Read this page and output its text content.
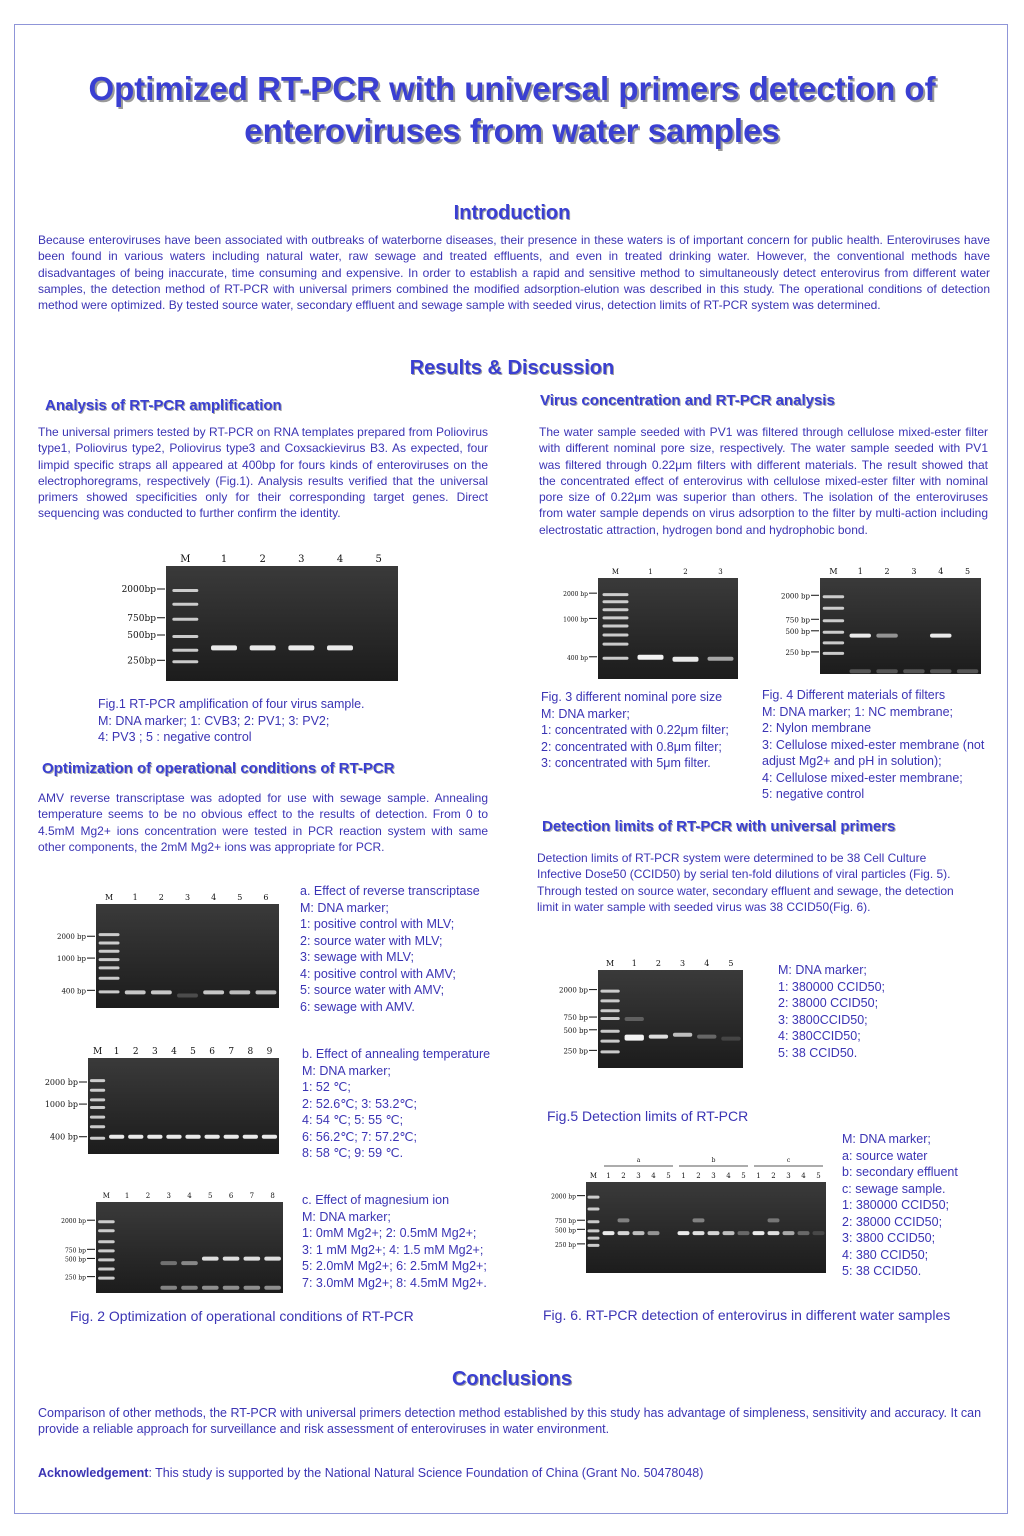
Optimized RT-PCR with universal primers detection of
enteroviruses from water samples
Introduction

Because enteroviruses have been associated with outbreaks of waterborne diseases, their presence in these waters is of important concern for public health. Enteroviruses have been found in various waters including natural water, raw sewage and treated effluents, and even in treated drinking water. However, the conventional methods have disadvantages of being inaccurate, time consuming and expensive. In order to establish a rapid and sensitive method to simultaneously detect enterovirus from different water samples, the detection method of RT-PCR with universal primers combined the modified adsorption-elution was described in this study. The operational conditions of detection method were optimized. By tested source water, secondary effluent and sewage sample with seeded virus, detection limits of RT-PCR system was determined.

Results & Discussion
Analysis of RT-PCR amplification

The universal primers tested by RT-PCR on RNA templates prepared from Poliovirus type1, Poliovirus type2, Poliovirus type3 and Coxsackievirus B3. As expected, four limpid specific straps all appeared at 400bp for fours kinds of enteroviruses on the electrophoregrams, respectively (Fig.1). Analysis results verified that the universal primers showed specificities only for their corresponding target genes. Direct sequencing was conducted to further confirm the identity.

M	1	2	3	4	5
2000bp
750bp
500bp
250bp
Fig.1 RT-PCR amplification of four virus sample.
M: DNA marker; 1: CVB3; 2: PV1; 3: PV2;
4: PV3 ; 5 : negative control
Optimization of operational conditions of RT-PCR

AMV reverse transcriptase was adopted for use with sewage sample. Annealing temperature seems to be no obvious effect to the results of detection. From 0 to 4.5mM Mg2+ ions concentration were tested in PCR reaction system with same other components, the 2mM Mg2+ ions was appropriate for PCR.

M 1	2	3	4	5	6
2000 bp
1000 bp
400 bp
a. Effect of reverse transcriptase
M: DNA marker;
1: positive control with MLV;
2: source water with MLV;
3: sewage with MLV;
4: positive control with AMV;
5: source water with AMV;
6: sewage with AMV.
M 1 2 3 4 5 6 7 8 9
2000 bp
1000 bp
400 bp
b. Effect of annealing temperature
M: DNA marker;
1: 52 ℃;
2: 52.6℃; 3: 53.2℃;
4: 54 ℃; 5: 55 ℃;
6: 56.2℃; 7: 57.2℃;
8: 58 ℃; 9: 59 ℃.
M 1 2 3 4 5 6 7 8
2000 bp
750 bp
500 bp
250 bp
c. Effect of magnesium ion
M: DNA marker;
1: 0mM Mg2+; 2: 0.5mM Mg2+;
3: 1 mM Mg2+; 4: 1.5 mM Mg2+;
5: 2.0mM Mg2+; 6: 2.5mM Mg2+;
7: 3.0mM Mg2+; 8: 4.5mM Mg2+.
Fig. 2 Optimization of operational conditions of RT-PCR
Virus concentration and RT-PCR analysis

The water sample seeded with PV1 was filtered through cellulose mixed-ester filter with different nominal pore size, respectively. The water sample seeded with PV1 was filtered through 0.22μm filters with different materials. The result showed that the concentrated effect of enterovirus with cellulose mixed-ester filter with nominal pore size of 0.22μm was superior than others. The isolation of the enteroviruses from water sample depends on virus adsorption to the filter by multi-action including electrostatic attraction, hydrogen bond and hydrophobic bond.

M	1	2	3
2000 bp
1000 bp
400 bp
Fig. 3 different nominal pore size
M: DNA marker;
1: concentrated with 0.22μm filter;
2: concentrated with 0.8μm filter;
3: concentrated with 5μm filter.
M	1	2	3	4	5
2000 bp
750 bp
500 bp
250 bp
Fig. 4 Different materials of filters
M: DNA marker; 1: NC membrane;
2: Nylon membrane
3: Cellulose mixed-ester membrane (not
adjust Mg2+ and pH in solution);
4: Cellulose mixed-ester membrane;
5: negative control
Detection limits of RT-PCR with universal primers

Detection limits of RT-PCR system were determined to be 38 Cell Culture Infective Dose50 (CCID50) by serial ten-fold dilutions of viral particles (Fig. 5). Through tested on source water, secondary effluent and sewage, the detection limit in water sample with seeded virus was 38 CCID50(Fig. 6).

M 1 2 3 4 5
2000 bp
750 bp
500 bp
250 bp
M: DNA marker;
1: 380000 CCID50;
2: 38000 CCID50;
3: 3800CCID50;
4: 380CCID50;
5: 38 CCID50.
Fig.5 Detection limits of RT-PCR
M 1 2 3 4 5 1 2 3 4 5 1 2 3 4 5
2000 bp
750 bp
500 bp
250 bp
a	b	c
M: DNA marker;
a: source water
b: secondary effluent
c: sewage sample.
1: 380000 CCID50;
2: 38000 CCID50;
3: 3800 CCID50;
4: 380 CCID50;
5: 38 CCID50.
Fig. 6. RT-PCR detection of enterovirus in different water samples
Conclusions

Comparison of other methods, the RT-PCR with universal primers detection method established by this study has advantage of simpleness, sensitivity and accuracy. It can provide a reliable approach for surveillance and risk assessment of enteroviruses in water environment.

Acknowledgement: This study is supported by the National Natural Science Foundation of China (Grant No. 50478048)
